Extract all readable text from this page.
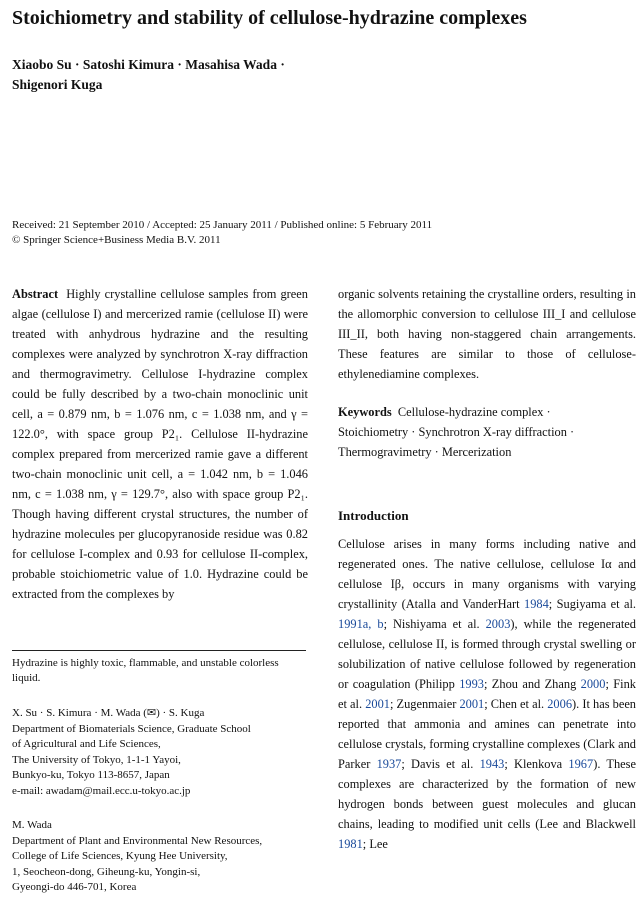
Stoichiometry and stability of cellulose-hydrazine complexes
Xiaobo Su · Satoshi Kimura · Masahisa Wada ·
Shigenori Kuga
Received: 21 September 2010 / Accepted: 25 January 2011 / Published online: 5 February 2011
© Springer Science+Business Media B.V. 2011

Abstract Highly crystalline cellulose samples from green algae (cellulose I) and mercerized ramie (cellulose II) were treated with anhydrous hydrazine and the resulting complexes were analyzed by synchrotron X-ray diffraction and thermogravimetry. Cellulose I-hydrazine complex could be fully described by a two-chain monoclinic unit cell, a = 0.879 nm, b = 1.076 nm, c = 1.038 nm, and γ = 122.0°, with space group P2₁. Cellulose II-hydrazine complex prepared from mercerized ramie gave a different two-chain monoclinic unit cell, a = 1.042 nm, b = 1.046 nm, c = 1.038 nm, γ = 129.7°, also with space group P2₁. Though having different crystal structures, the number of hydrazine molecules per glucopyranoside residue was 0.82 for cellulose I-complex and 0.93 for cellulose II-complex, probable stoichiometric value of 1.0. Hydrazine could be extracted from the complexes by

organic solvents retaining the crystalline orders, resulting in the allomorphic conversion to cellulose III_I and cellulose III_II, both having non-staggered chain arrangements. These features are similar to those of cellulose-ethylenediamine complexes.

Keywords Cellulose-hydrazine complex ·
Stoichiometry · Synchrotron X-ray diffraction ·
Thermogravimetry · Mercerization
Introduction

Cellulose arises in many forms including native and regenerated ones. The native cellulose, cellulose Iα and cellulose Iβ, occurs in many organisms with varying crystallinity (Atalla and VanderHart 1984; Sugiyama et al. 1991a, b; Nishiyama et al. 2003), while the regenerated cellulose, cellulose II, is formed through crystal swelling or solubilization of native cellulose followed by regeneration or coagulation (Philipp 1993; Zhou and Zhang 2000; Fink et al. 2001; Zugenmaier 2001; Chen et al. 2006). It has been reported that ammonia and amines can penetrate into cellulose crystals, forming crystalline complexes (Clark and Parker 1937; Davis et al. 1943; Klenkova 1967). These complexes are characterized by the formation of new hydrogen bonds between guest molecules and glucan chains, leading to modified unit cells (Lee and Blackwell 1981; Lee

Hydrazine is highly toxic, flammable, and unstable colorless liquid.
X. Su · S. Kimura · M. Wada (✉) · S. Kuga
Department of Biomaterials Science, Graduate School
of Agricultural and Life Sciences,
The University of Tokyo, 1-1-1 Yayoi,
Bunkyo-ku, Tokyo 113-8657, Japan
e-mail: awadam@mail.ecc.u-tokyo.ac.jp
M. Wada
Department of Plant and Environmental New Resources,
College of Life Sciences, Kyung Hee University,
1, Seocheon-dong, Giheung-ku, Yongin-si,
Gyeongi-do 446-701, Korea
